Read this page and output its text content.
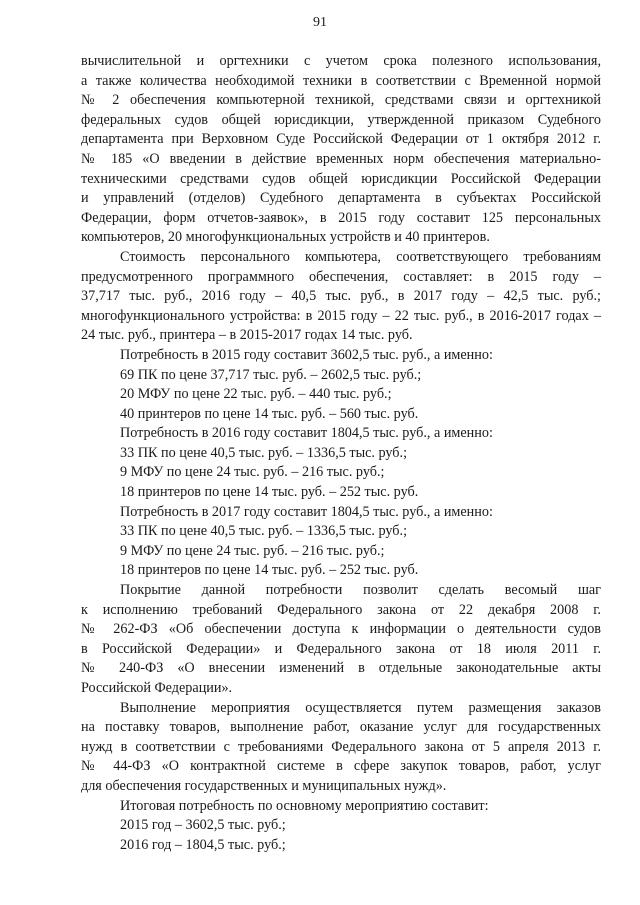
91

вычислительной и оргтехники с учетом срока полезного использования,

а также количества необходимой техники в соответствии с Временной нормой

№ 2 обеспечения компьютерной техникой, средствами связи и оргтехникой

федеральных судов общей юрисдикции, утвержденной приказом Судебного

департамента при Верховном Суде Российской Федерации от 1 октября 2012 г.

№ 185 «О введении в действие временных норм обеспечения материально-

техническими средствами судов общей юрисдикции Российской Федерации

и управлений (отделов) Судебного департамента в субъектах Российской

Федерации, форм отчетов-заявок», в 2015 году составит 125 персональных

компьютеров, 20 многофункциональных устройств и 40 принтеров.

Стоимость персонального компьютера, соответствующего требованиям

предусмотренного программного обеспечения, составляет: в 2015 году –

37,717 тыс. руб., 2016 году – 40,5 тыс. руб., в 2017 году – 42,5 тыс. руб.;

многофункционального устройства: в 2015 году – 22 тыс. руб., в 2016-2017 годах –

24 тыс. руб., принтера – в 2015-2017 годах 14 тыс. руб.

Потребность в 2015 году составит 3602,5 тыс. руб., а именно:

69 ПК по цене 37,717 тыс. руб. – 2602,5 тыс. руб.;

20 МФУ по цене 22 тыс. руб. – 440 тыс. руб.;

40 принтеров по цене 14 тыс. руб. – 560 тыс. руб.

Потребность в 2016 году составит 1804,5 тыс. руб., а именно:

33 ПК по цене 40,5 тыс. руб. – 1336,5 тыс. руб.;

9 МФУ по цене 24 тыс. руб. – 216 тыс. руб.;

18 принтеров по цене 14 тыс. руб. – 252 тыс. руб.

Потребность в 2017 году составит 1804,5 тыс. руб., а именно:

33 ПК по цене 40,5 тыс. руб. – 1336,5 тыс. руб.;

9 МФУ по цене 24 тыс. руб. – 216 тыс. руб.;

18 принтеров по цене 14 тыс. руб. – 252 тыс. руб.

Покрытие данной потребности позволит сделать весомый шаг

к исполнению требований Федерального закона от 22 декабря 2008 г.

№ 262-ФЗ «Об обеспечении доступа к информации о деятельности судов

в Российской Федерации» и Федерального закона от 18 июля 2011 г.

№ 240-ФЗ «О внесении изменений в отдельные законодательные акты

Российской Федерации».

Выполнение мероприятия осуществляется путем размещения заказов

на поставку товаров, выполнение работ, оказание услуг для государственных

нужд в соответствии с требованиями Федерального закона от 5 апреля 2013 г.

№ 44-ФЗ «О контрактной системе в сфере закупок товаров, работ, услуг

для обеспечения государственных и муниципальных нужд».

Итоговая потребность по основному мероприятию составит:

2015 год – 3602,5 тыс. руб.;

2016 год – 1804,5 тыс. руб.;
